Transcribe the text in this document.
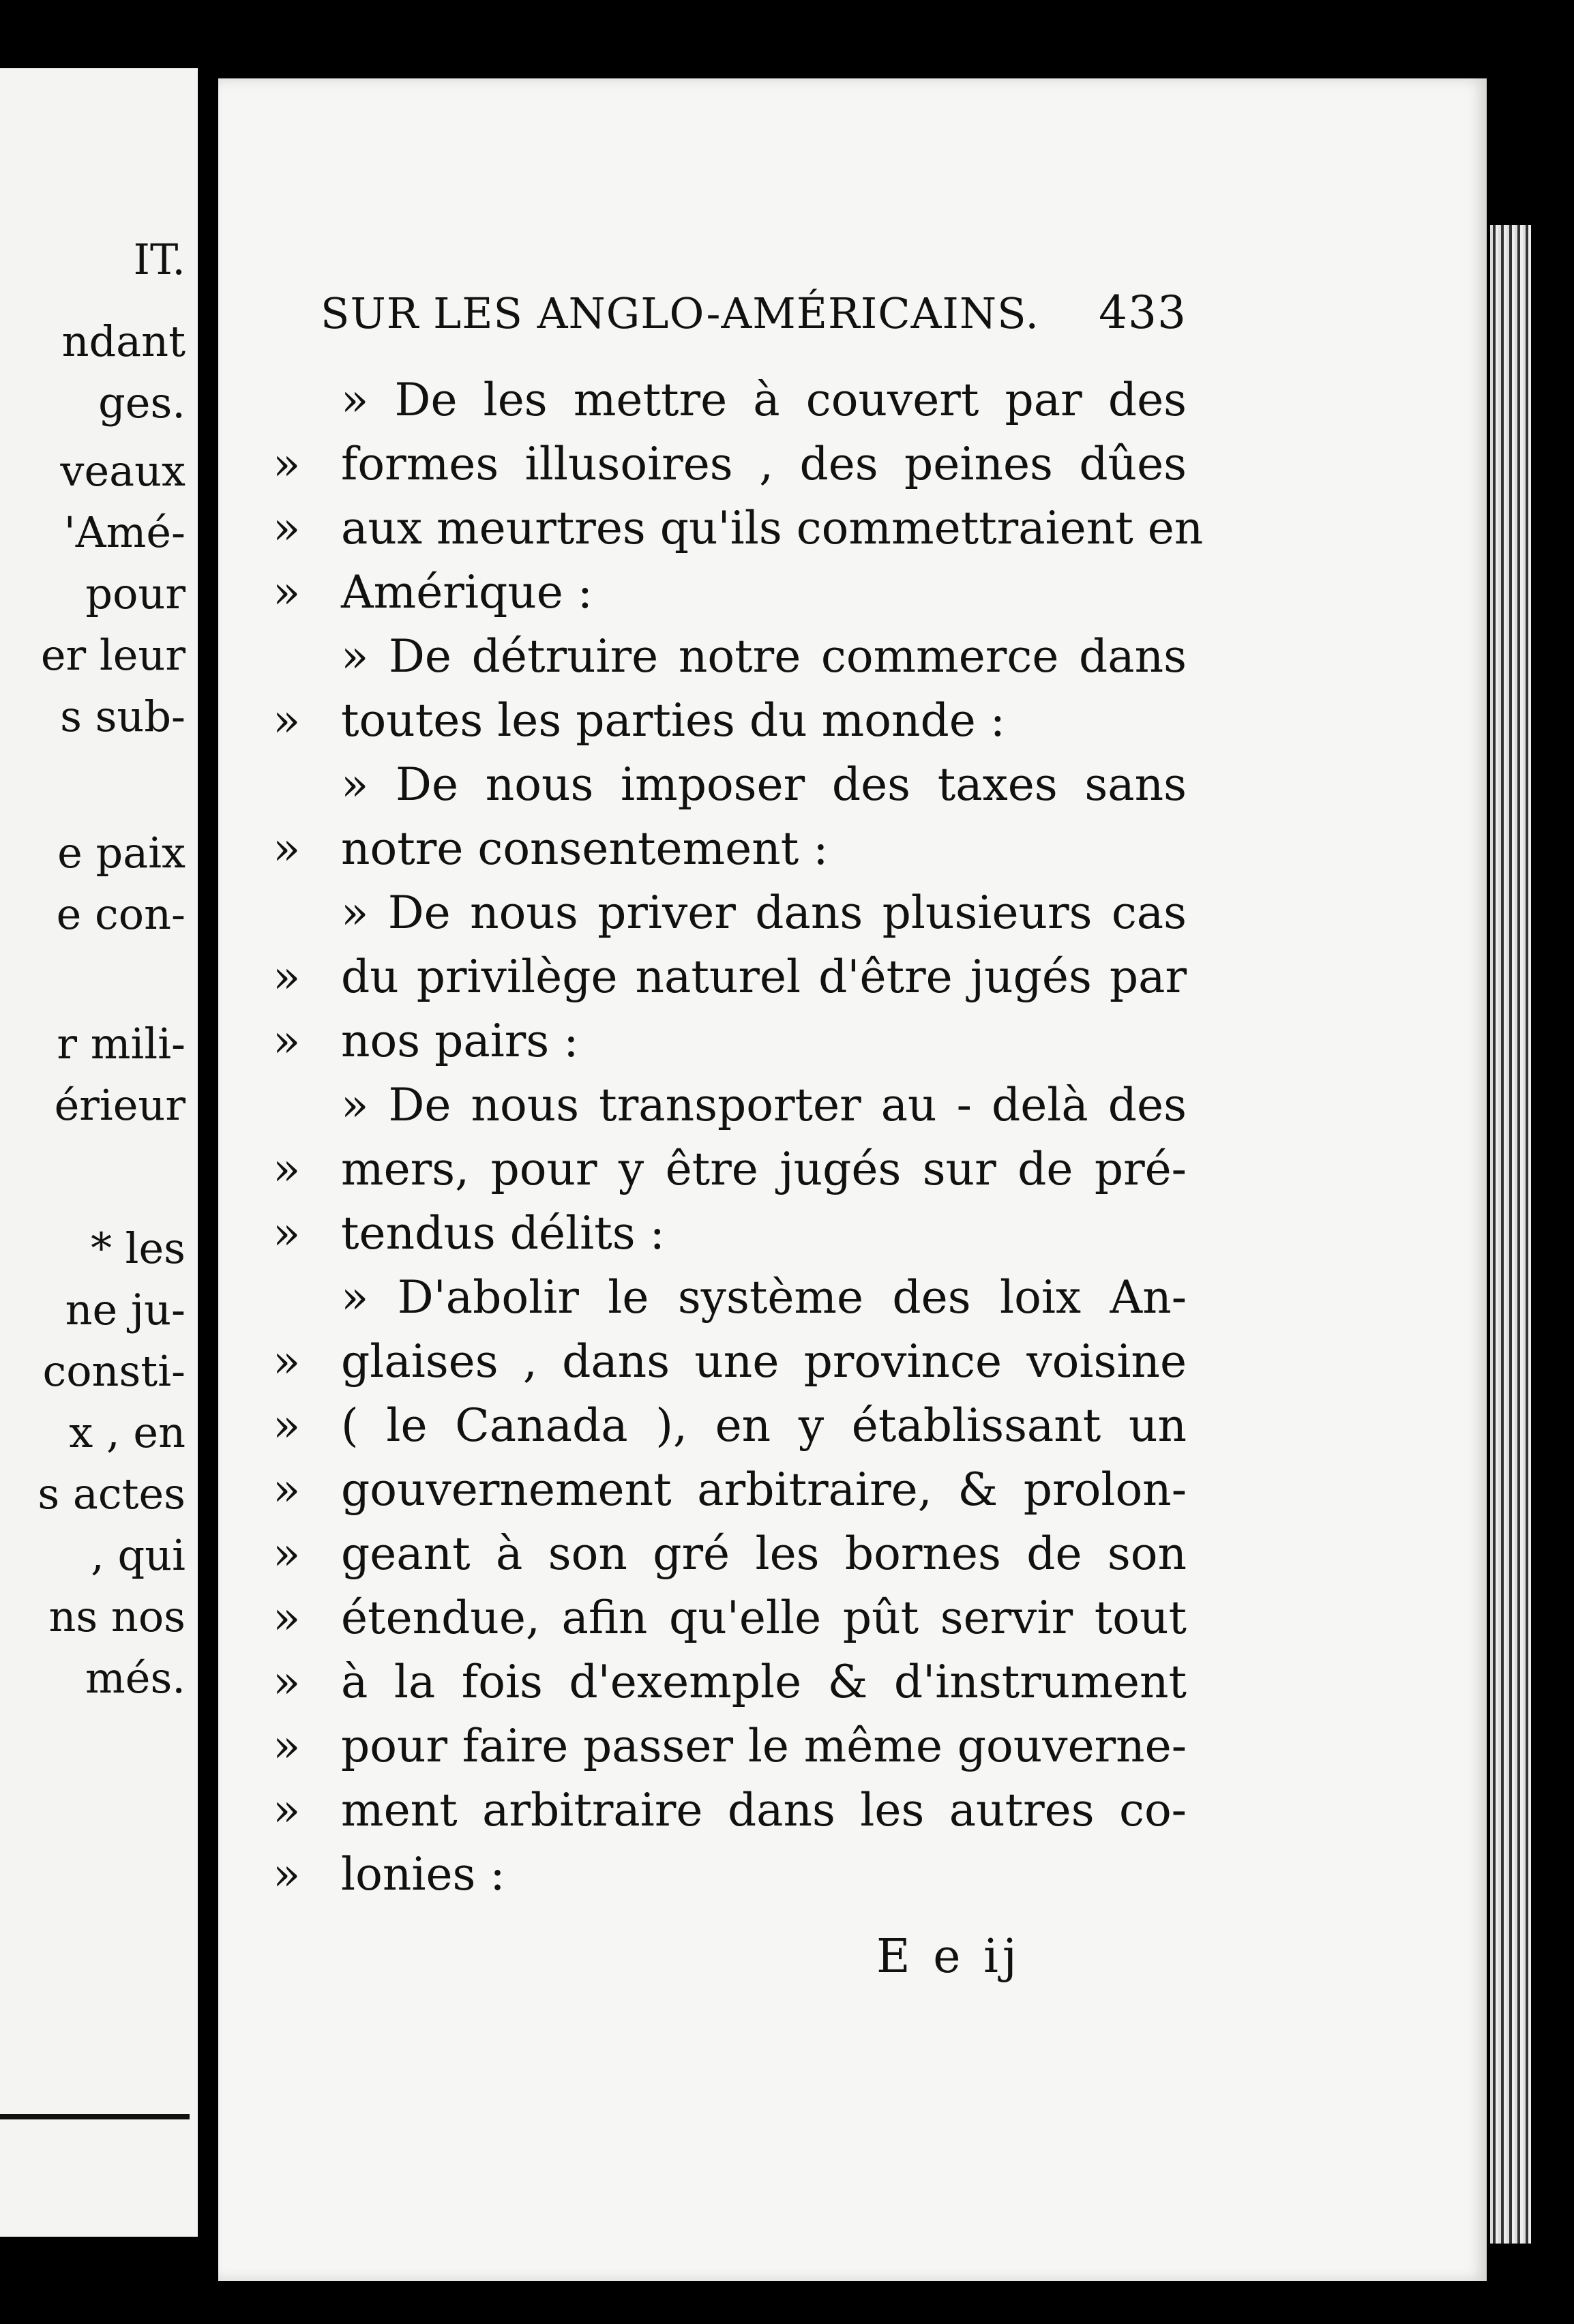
IT.
ndant
ges.
veaux
'Amé-
pour
er leur
s sub-
e paix
e con-
r mili-
érieur
* les
ne ju-
consti-
x , en
s actes
, qui
ns nos
més.
SUR LES ANGLO-AMÉRICAINS. 433
» De les mettre à couvert par des
» formes illusoires , des peines dûes
» aux meurtres qu'ils commettraient en
» Amérique :
» De détruire notre commerce dans
» toutes les parties du monde :
» De nous imposer des taxes sans
» notre consentement :
» De nous priver dans plusieurs cas
» du privilège naturel d'être jugés par
» nos pairs :
» De nous transporter au - delà des
» mers, pour y être jugés sur de pré-
» tendus délits :
» D'abolir le système des loix An-
» glaises , dans une province voisine
» ( le Canada ), en y établissant un
» gouvernement arbitraire, & prolon-
» geant à son gré les bornes de son
» étendue, afin qu'elle pût servir tout
» à la fois d'exemple & d'instrument
» pour faire passer le même gouverne-
» ment arbitraire dans les autres co-
» lonies :
E e ij
